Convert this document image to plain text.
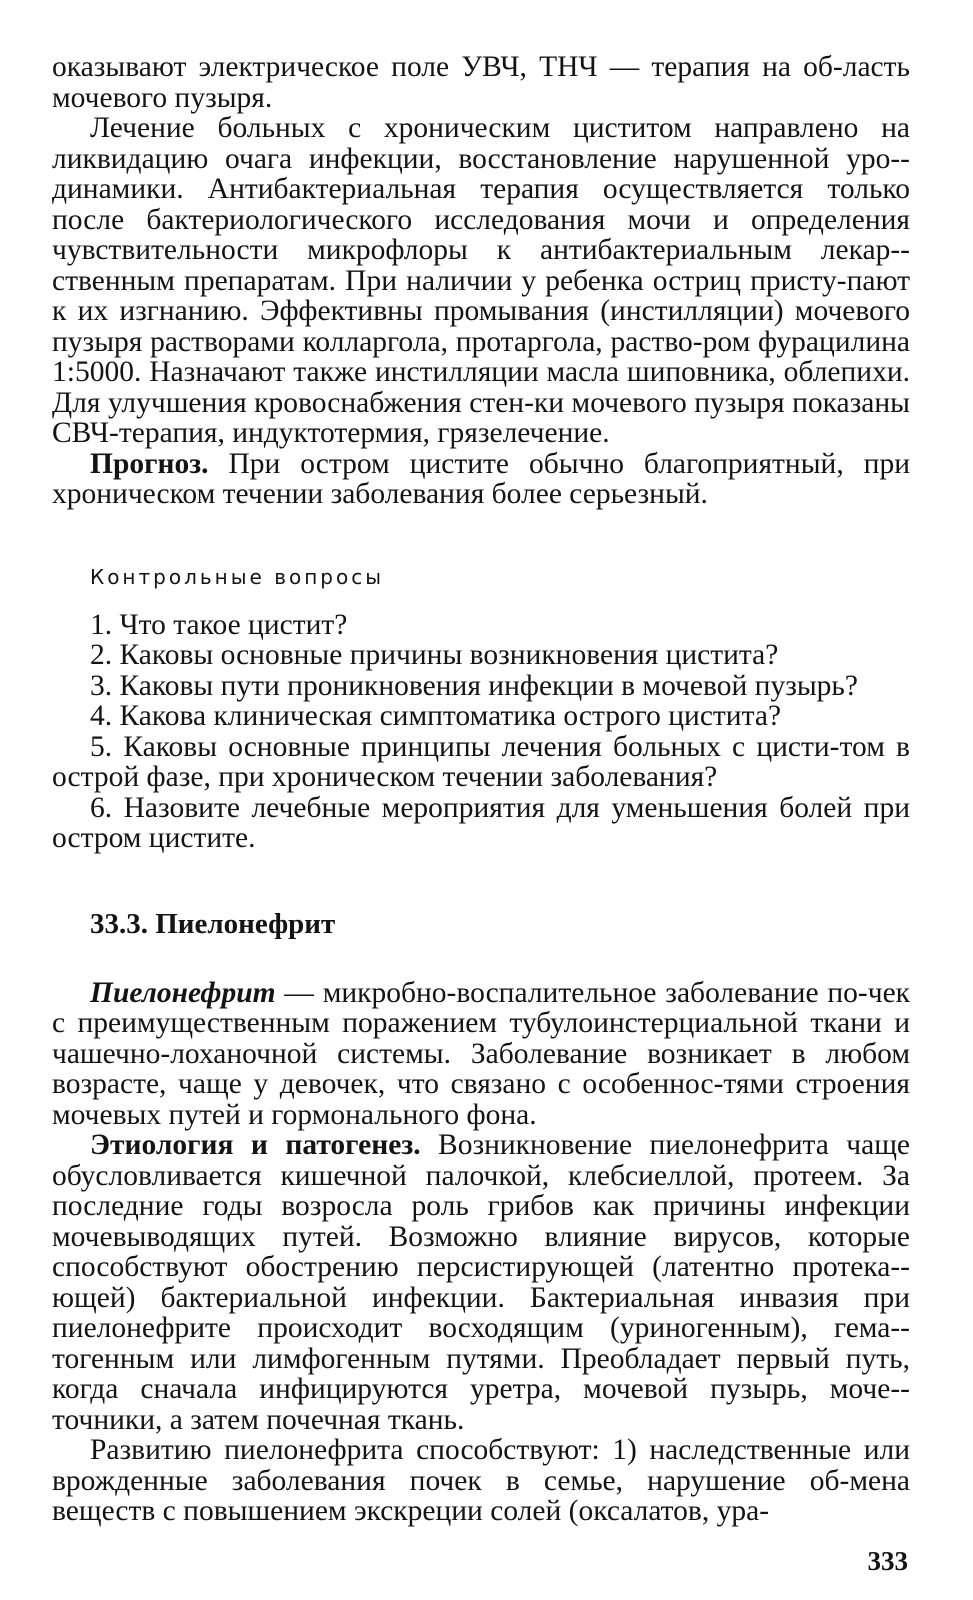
оказывают электрическое поле УВЧ, ТНЧ — терапия на об-ласть мочевого пузыря.

Лечение больных с хроническим циститом направлено на ликвидацию очага инфекции, восстановление нарушенной уро-динамики. Антибактериальная терапия осуществляется только после бактериологического исследования мочи и определения чувствительности микрофлоры к антибактериальным лекар-ственным препаратам. При наличии у ребенка остриц присту-пают к их изгнанию. Эффективны промывания (инстилляции) мочевого пузыря растворами колларгола, протаргола, раство-ром фурацилина 1:5000. Назначают также инстилляции масла шиповника, облепихи. Для улучшения кровоснабжения стен-ки мочевого пузыря показаны СВЧ-терапия, индуктотермия, грязелечение.

Прогноз. При остром цистите обычно благоприятный, при хроническом течении заболевания более серьезный.

Контрольные вопросы

1. Что такое цистит?

2. Каковы основные причины возникновения цистита?

3. Каковы пути проникновения инфекции в мочевой пузырь?

4. Какова клиническая симптоматика острого цистита?

5. Каковы основные принципы лечения больных с цисти-том в острой фазе, при хроническом течении заболевания?

6. Назовите лечебные мероприятия для уменьшения болей при остром цистите.

33.3. Пиелонефрит

Пиелонефрит — микробно-воспалительное заболевание по-чек с преимущественным поражением тубулоинстерциальной ткани и чашечно-лоханочной системы. Заболевание возникает в любом возрасте, чаще у девочек, что связано с особеннос-тями строения мочевых путей и гормонального фона.

Этиология и патогенез. Возникновение пиелонефрита чаще обусловливается кишечной палочкой, клебсиеллой, протеем. За последние годы возросла роль грибов как причины инфекции мочевыводящих путей. Возможно влияние вирусов, которые способствуют обострению персистирующей (латентно протека-ющей) бактериальной инфекции. Бактериальная инвазия при пиелонефрите происходит восходящим (уриногенным), гема-тогенным или лимфогенным путями. Преобладает первый путь, когда сначала инфицируются уретра, мочевой пузырь, моче-точники, а затем почечная ткань.

Развитию пиелонефрита способствуют: 1) наследственные или врожденные заболевания почек в семье, нарушение об-мена веществ с повышением экскреции солей (оксалатов, ура-

333
